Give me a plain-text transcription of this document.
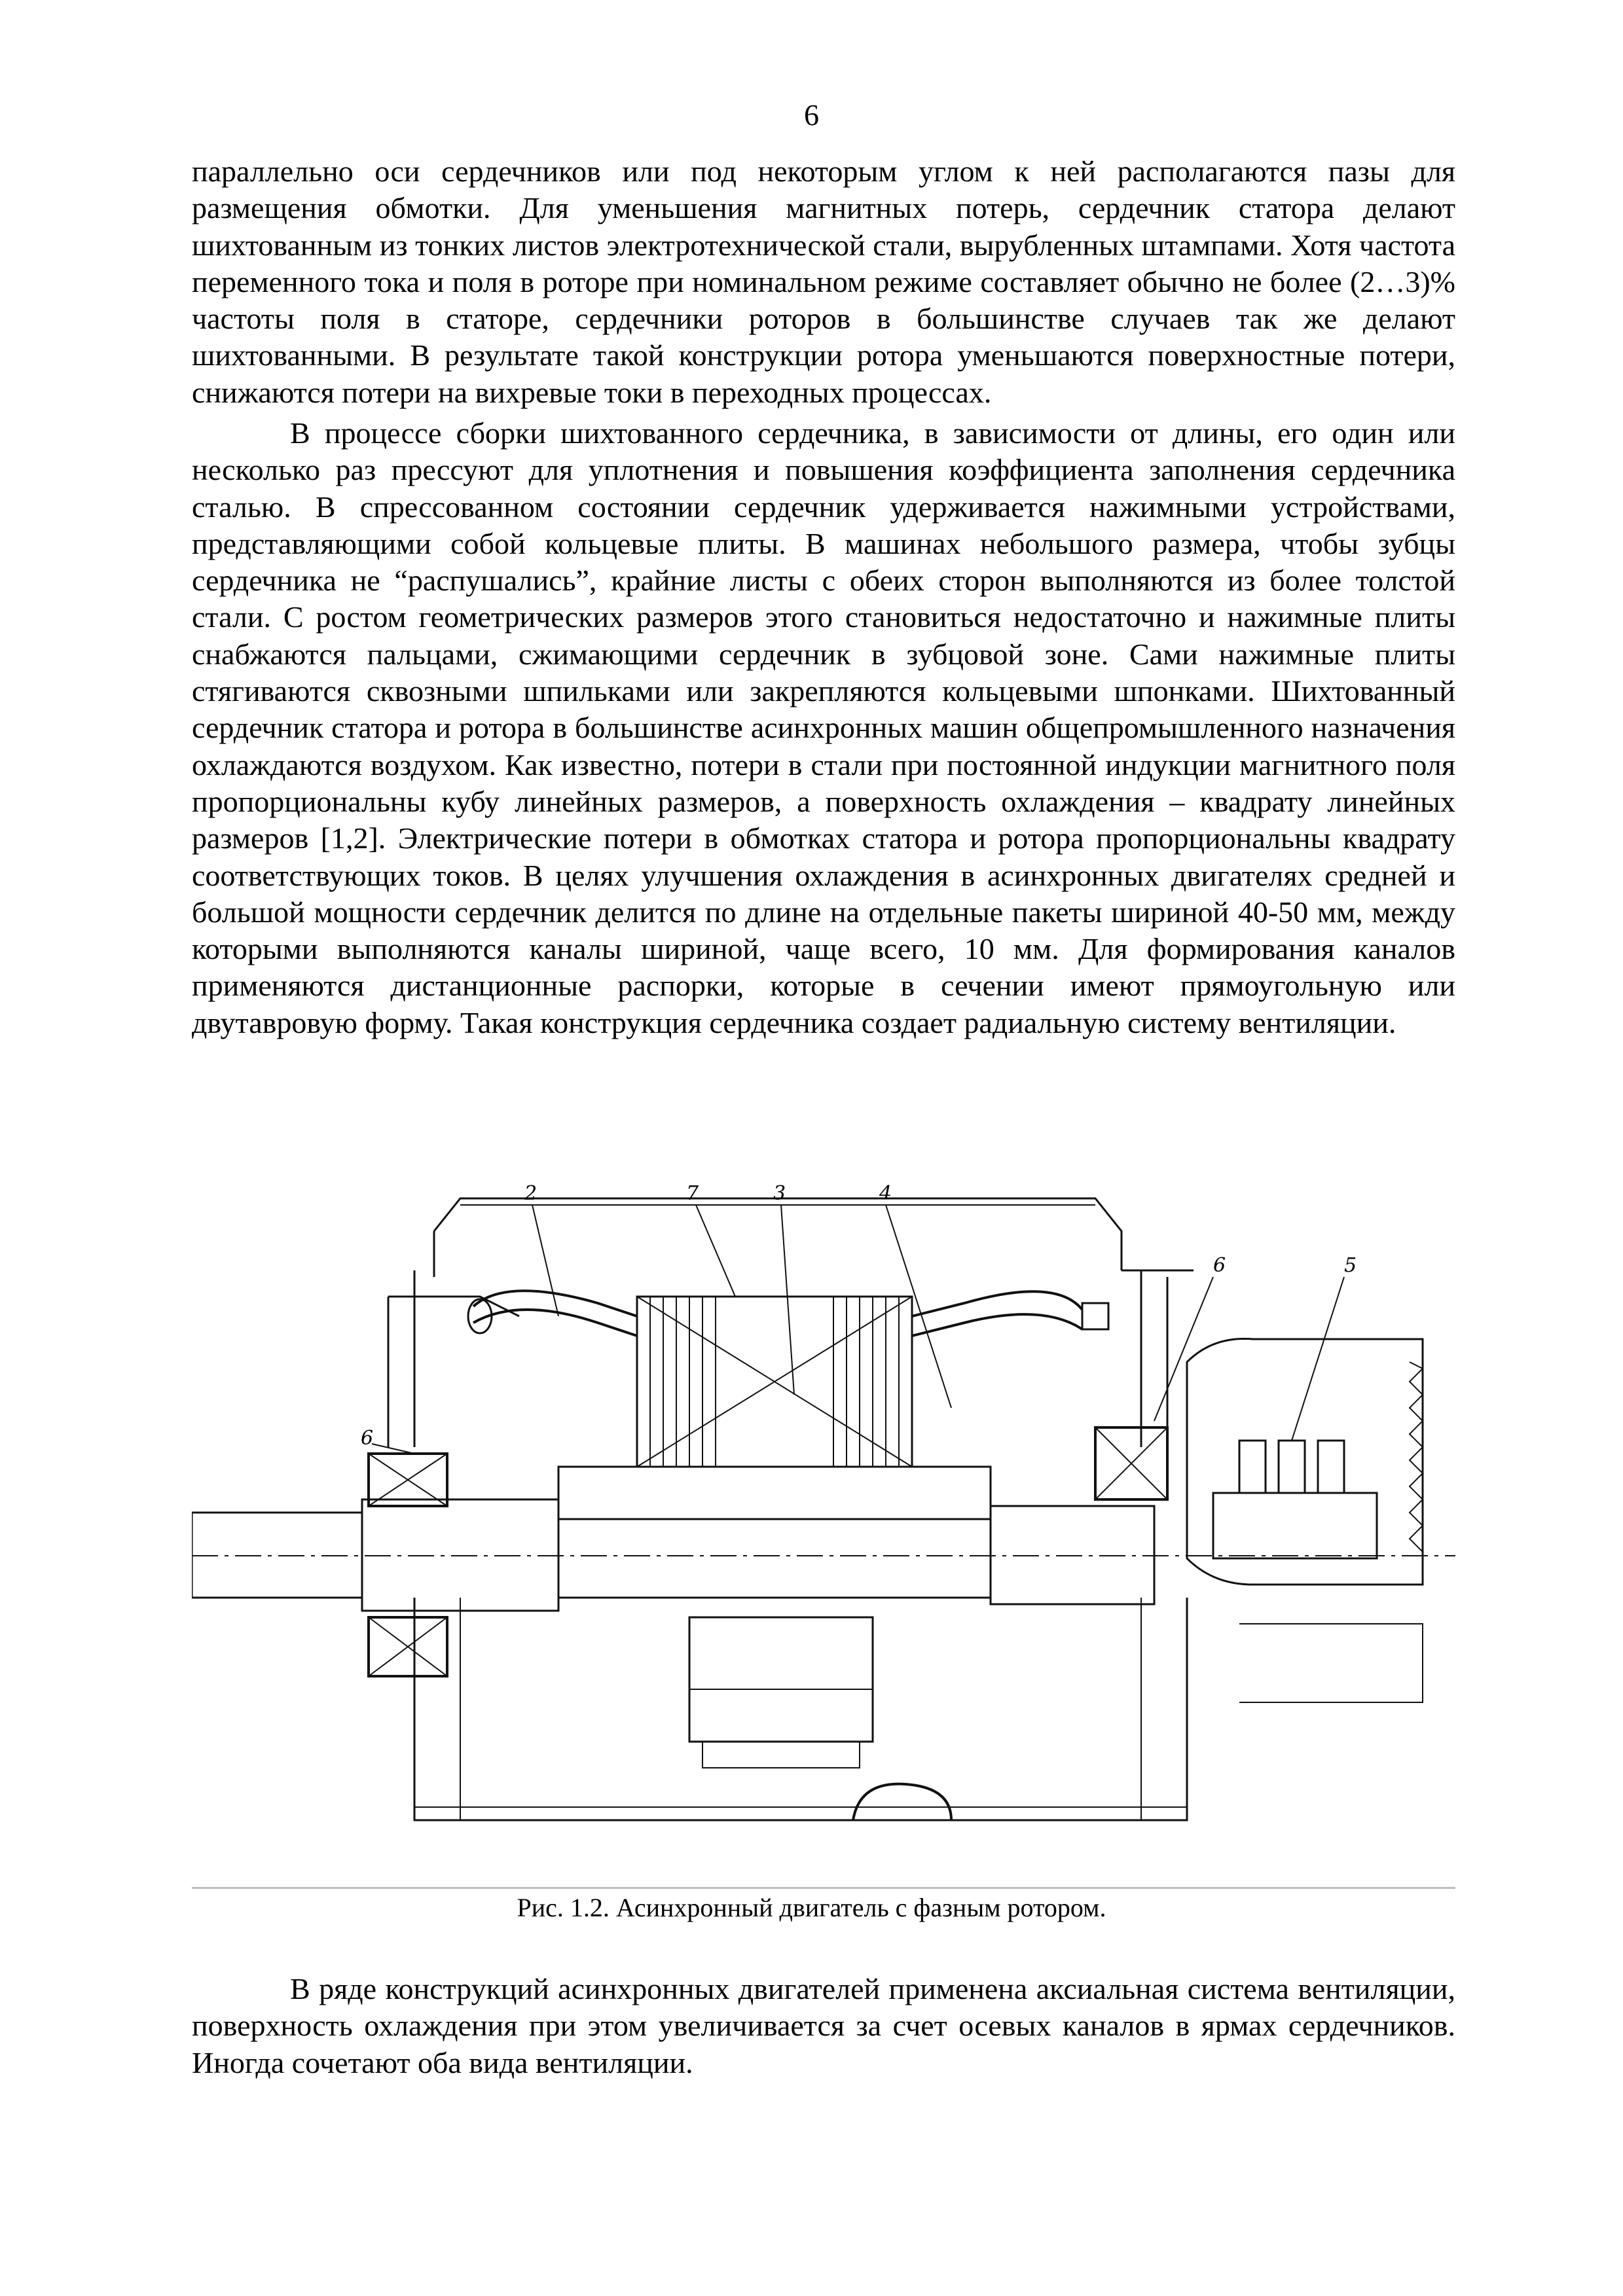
6

параллельно оси сердечников или под некоторым углом к ней располагаются пазы для размещения обмотки. Для уменьшения магнитных потерь, сердечник статора делают шихтованным из тонких листов электротехнической стали, вырубленных штампами. Хотя частота переменного тока и поля в роторе при номинальном режиме составляет обычно не более (2…3)% частоты поля в статоре, сердечники роторов в большинстве случаев так же делают шихтованными. В результате такой конструкции ротора уменьшаются поверхностные потери, снижаются потери на вихревые токи в переходных процессах.

В процессе сборки шихтованного сердечника, в зависимости от длины, его один или несколько раз прессуют для уплотнения и повышения коэффициента заполнения сердечника сталью. В спрессованном состоянии сердечник удерживается нажимными устройствами, представляющими собой кольцевые плиты. В машинах небольшого размера, чтобы зубцы сердечника не “распушались”, крайние листы с обеих сторон выполняются из более толстой стали. С ростом геометрических размеров этого становиться недостаточно и нажимные плиты снабжаются пальцами, сжимающими сердечник в зубцовой зоне. Сами нажимные плиты стягиваются сквозными шпильками или закрепляются кольцевыми шпонками. Шихтованный сердечник статора и ротора в большинстве асинхронных машин общепромышленного назначения охлаждаются воздухом. Как известно, потери в стали при постоянной индукции магнитного поля пропорциональны кубу линейных размеров, а поверхность охлаждения – квадрату линейных размеров [1,2]. Электрические потери в обмотках статора и ротора пропорциональны квадрату соответствующих токов. В целях улучшения охлаждения в асинхронных двигателях средней и большой мощности сердечник делится по длине на отдельные пакеты шириной 40-50 мм, между которыми выполняются каналы шириной, чаще всего, 10 мм. Для формирования каналов применяются дистанционные распорки, которые в сечении имеют прямоугольную или двутавровую форму. Такая конструкция сердечника создает радиальную систему вентиляции.

2	7	3	4
6
5
6
Рис. 1.2. Асинхронный двигатель с фазным ротором.

В ряде конструкций асинхронных двигателей применена аксиальная система вентиляции, поверхность охлаждения при этом увеличивается за счет осевых каналов в ярмах сердечников. Иногда сочетают оба вида вентиляции.
